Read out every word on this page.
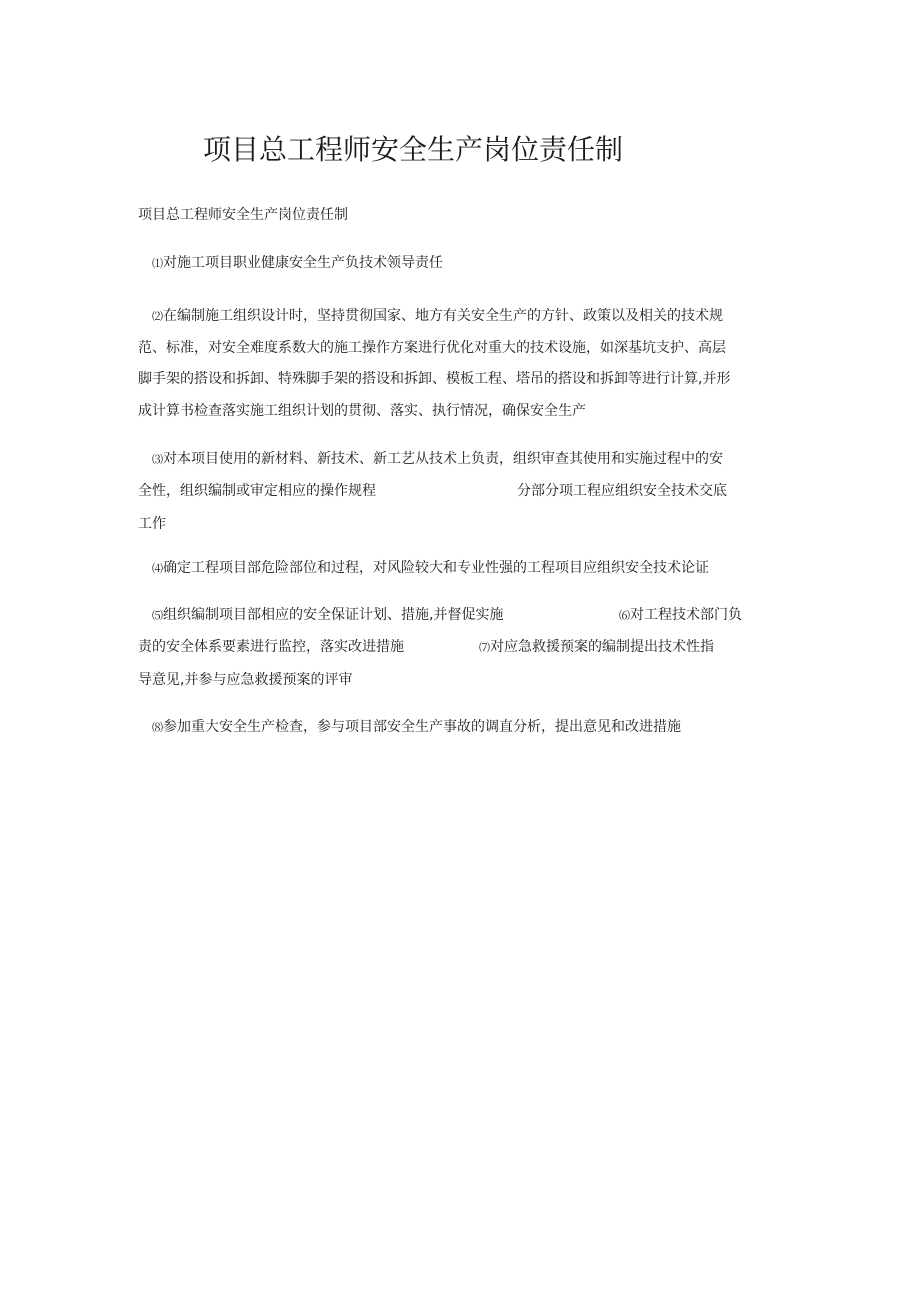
项目总工程师安全生产岗位责任制

项目总工程师安全生产岗位责任制

⑴对施工项目职业健康安全生产负技术领导责任

⑵在编制施工组织设计时，坚持贯彻国家、地方有关安全生产的方针、政策以及相关的技术规

范、标准，对安全难度系数大的施工操作方案进行优化对重大的技术设施，如深基坑支护、高层

脚手架的搭设和拆卸、特殊脚手架的搭设和拆卸、模板工程、塔吊的搭设和拆卸等进行计算,并形

成计算书检查落实施工组织计划的贯彻、落实、执行情况，确保安全生产

⑶对本项目使用的新材料、新技术、新工艺从技术上负责，组织审查其使用和实施过程中的安

全性，组织编制或审定相应的操作规程	分部分项工程应组织安全技术交底

工作

⑷确定工程项目部危险部位和过程，对风险较大和专业性强的工程项目应组织安全技术论证

⑸组织编制项目部相应的安全保证计划、措施,并督促实施	⑹对工程技术部门负

责的安全体系要素进行监控，落实改进措施	⑺对应急救援预案的编制提出技术性指

导意见,并参与应急救援预案的评审

⑻参加重大安全生产检查，参与项目部安全生产事故的调直分析，提出意见和改进措施
